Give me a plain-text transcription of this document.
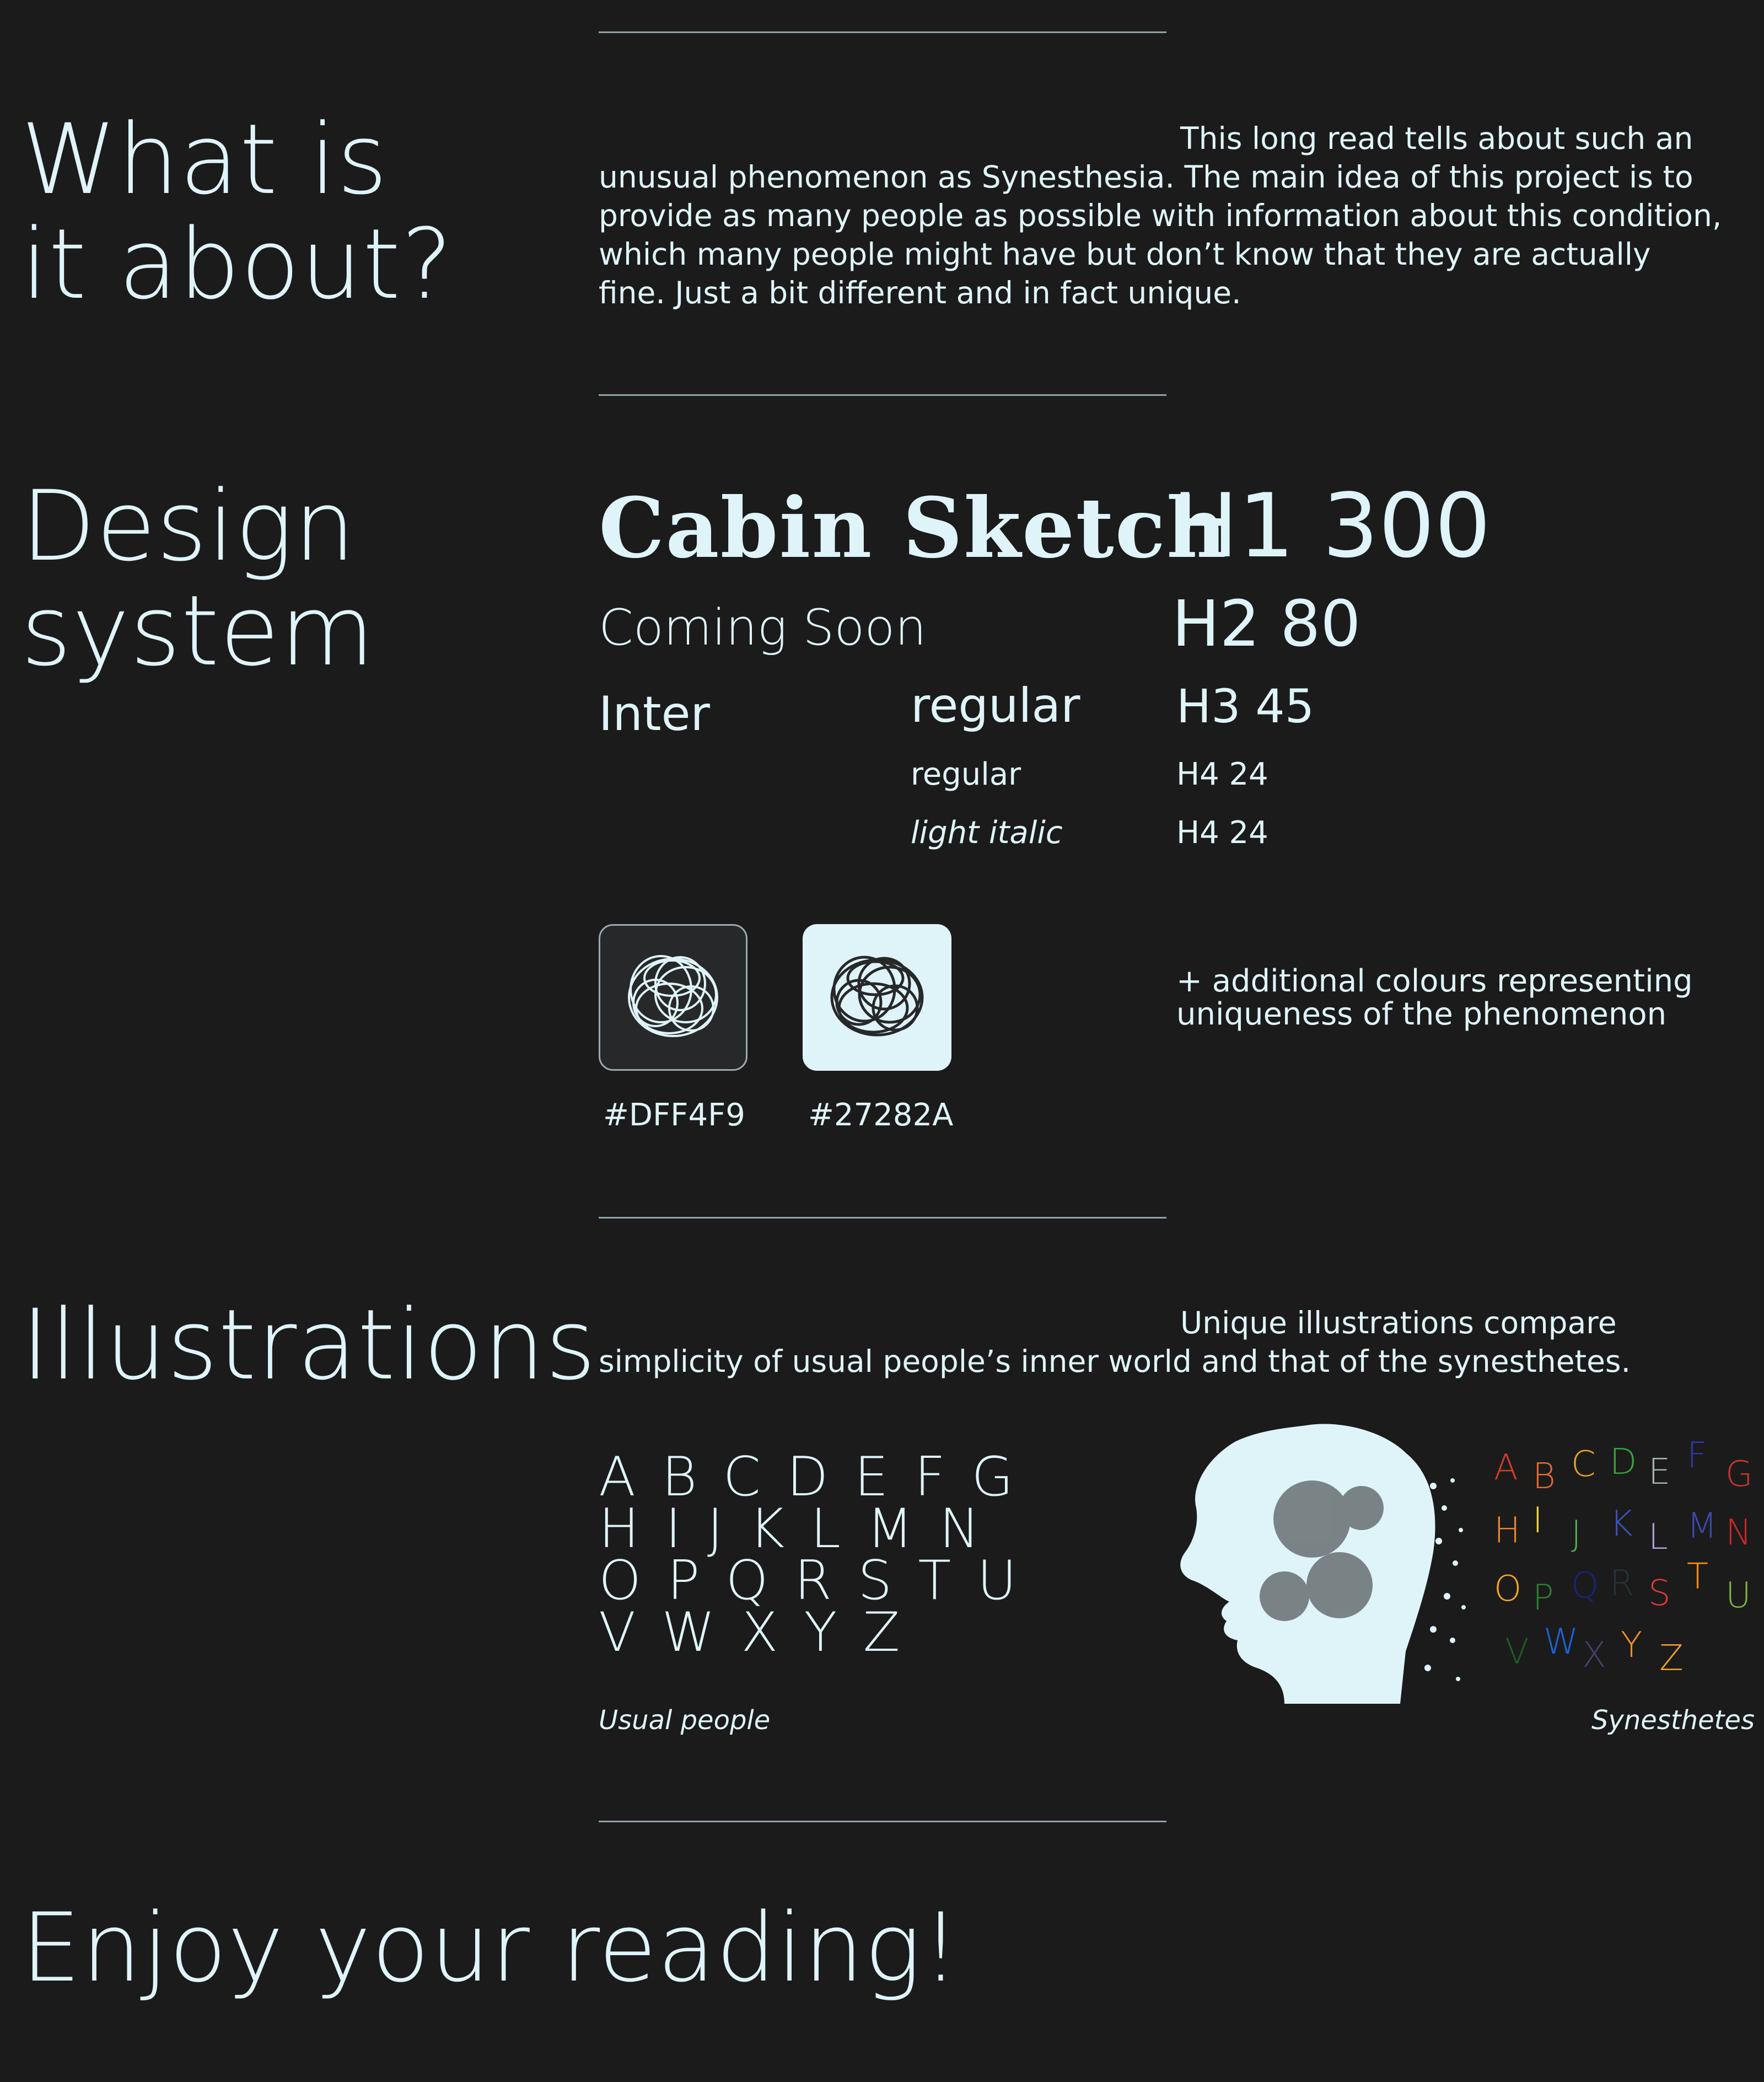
What is
it about?
This long read tells about such an unusual phenomenon as Synesthesia. The main idea of this project is to provide as many people as possible with information about this condition, which many people might have but don’t know that they are actually fine. Just a bit different and in fact unique.
Design
system
Cabin Sketch
Coming Soon
Inter	regular
regular
light italic
H1 300
H2 80
H3 45
H4 24
H4 24
#DFF4F9 #27282A
+ additional colours representing
uniqueness of the phenomenon
Illustrations	Unique illustrations compare simplicity of usual people’s inner world and that of the synesthetes.
A B C D E F G
H I J K L M N
O P Q R S T U
V W X Y Z
Usual people
A B C D E F G
H I J K L M N
O P Q R S T U
V W X Y Z
Synesthetes
Enjoy your reading!
